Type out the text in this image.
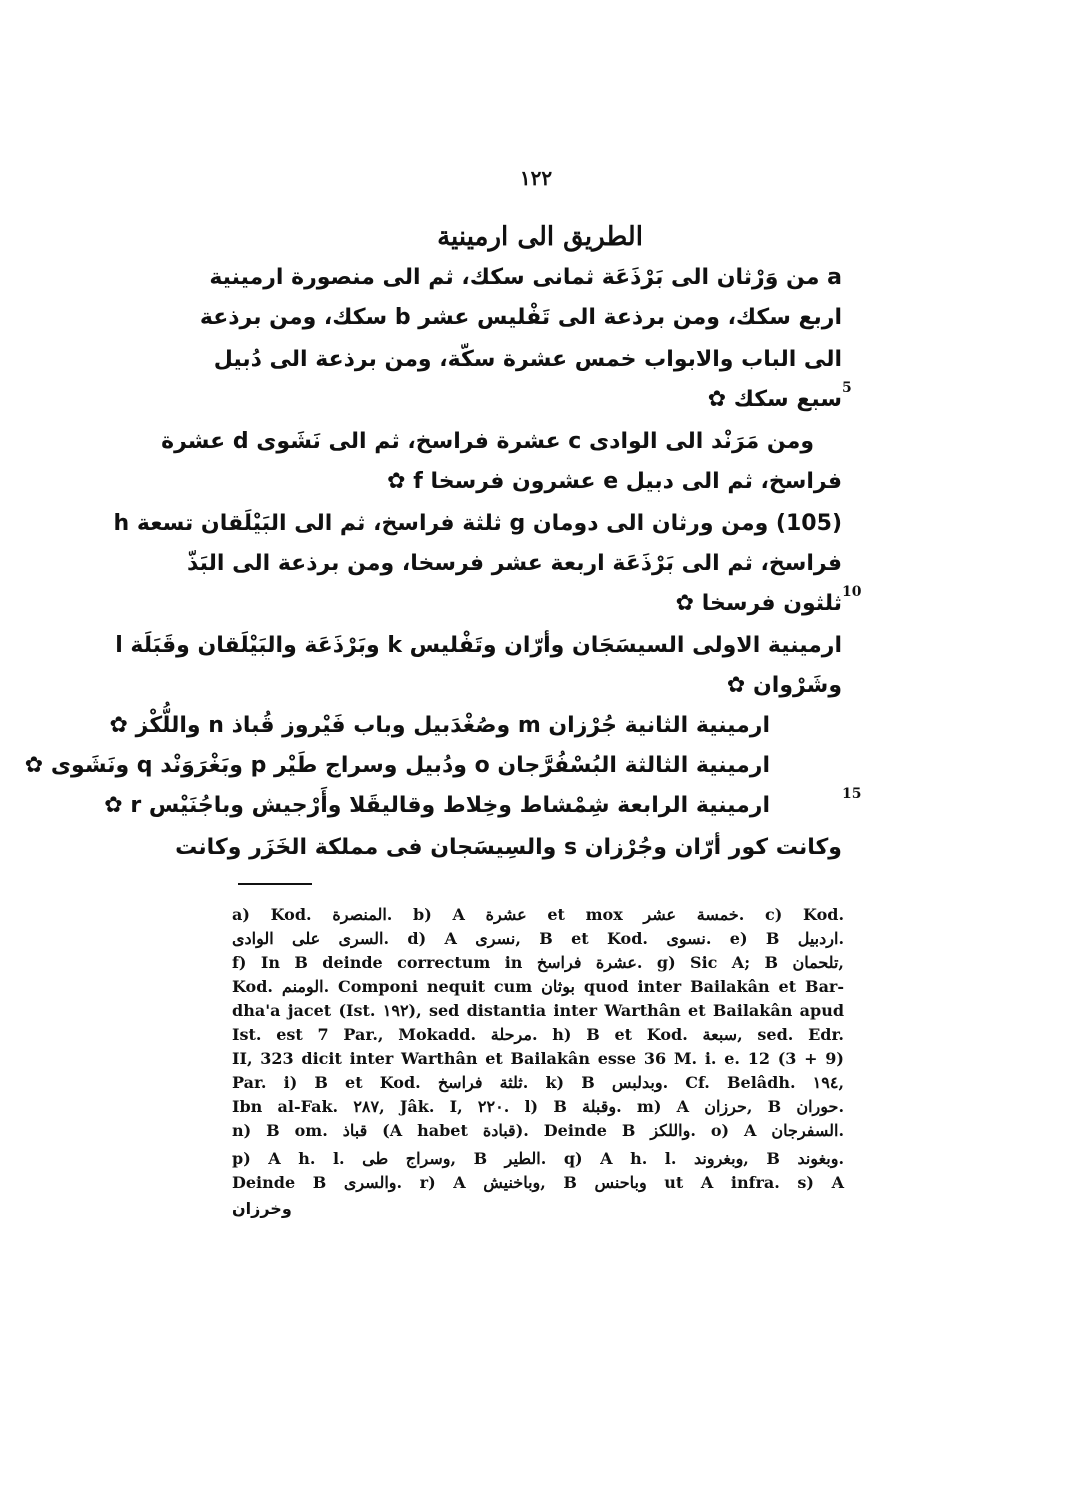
١٢٢
الطريق الى ارمينية
a من وَرْثان الى بَرْذَعَة ثمانى سكك، ثم الى منصورة ارمينية
اربع سكك، ومن برذعة الى تَفْليس عشر b سكك، ومن برذعة
الى الباب والابواب خمس عشرة سكّة، ومن برذعة الى دُبيل
سبع سكك ✿
ومن مَرَنْد الى الوادى c عشرة فراسخ، ثم الى نَشَوى d عشرة
فراسخ، ثم الى دبيل e عشرون فرسخا f ✿
(105) ومن ورثان الى دومان g ثلثة فراسخ، ثم الى البَيْلَقان تسعة h
فراسخ، ثم الى بَرْذَعَة اربعة عشر فرسخا، ومن برذعة الى البَذّ
ثلثون فرسخا ✿
ارمينية الاولى السيسَجَان وأرّان وتَفْليس k وبَرْذَعَة والبَيْلَقان وقَبَلَة l
وشَرْوان ✿
ارمينية الثانية جُرْزان m وصُغْدَبيل وباب فَيْروز قُباذ n واللُّكْز ✿
ارمينية الثالثة البُسْفُرَّجان o ودُبيل وسراج طَيْر p وبَغْرَوَنْد q ونَشَوى ✿
ارمينية الرابعة شِمْشاط وخِلاط وقاليقَلا وأَرْجيش وباجُنَيْس r ✿
وكانت كور أرّان وجُرْزان s والسِيسَجان فى مملكة الخَزَر وكانت
5
10
15
a) Kod. المنصرة. b) A عشرة et mox خمسة عشر. c) Kod.
السرى على الوادى. d) A نسرى, B et Kod. نسوى. e) B اردبيل.
f) In B deinde correctum in عشرة فراسخ. g) Sic A; B تلحمان,
Kod. الومنم. Componi nequit cum بوثان quod inter Bailakân et Bar-
dha'a jacet (Ist. ١٩٢), sed distantia inter Warthân et Bailakân apud
Ist. est 7 Par., Mokadd. مرحلة. h) B et Kod. سبعة, sed. Edr.
II, 323 dicit inter Warthân et Bailakân esse 36 M. i. e. 12 (3 + 9)
Par. i) B et Kod. ثلثة فراسخ. k) B وبدلبس. Cf. Belâdh. ١٩٤,
Ibn al-Fak. ٢٨٧, Jâk. I, ٢٢٠. l) B وقبلة. m) A حرزان, B حوران.
n) B om. قباذ (A habet قبادة). Deinde B واللكز. o) A السفرجان.
p) A h. l. وسراج طى, B الطير. q) A h. l. وبغروند, B وبغوند.
Deinde B والسرى. r) A وباخنيش, B وباحنس ut A infra. s) A
وخرزان
